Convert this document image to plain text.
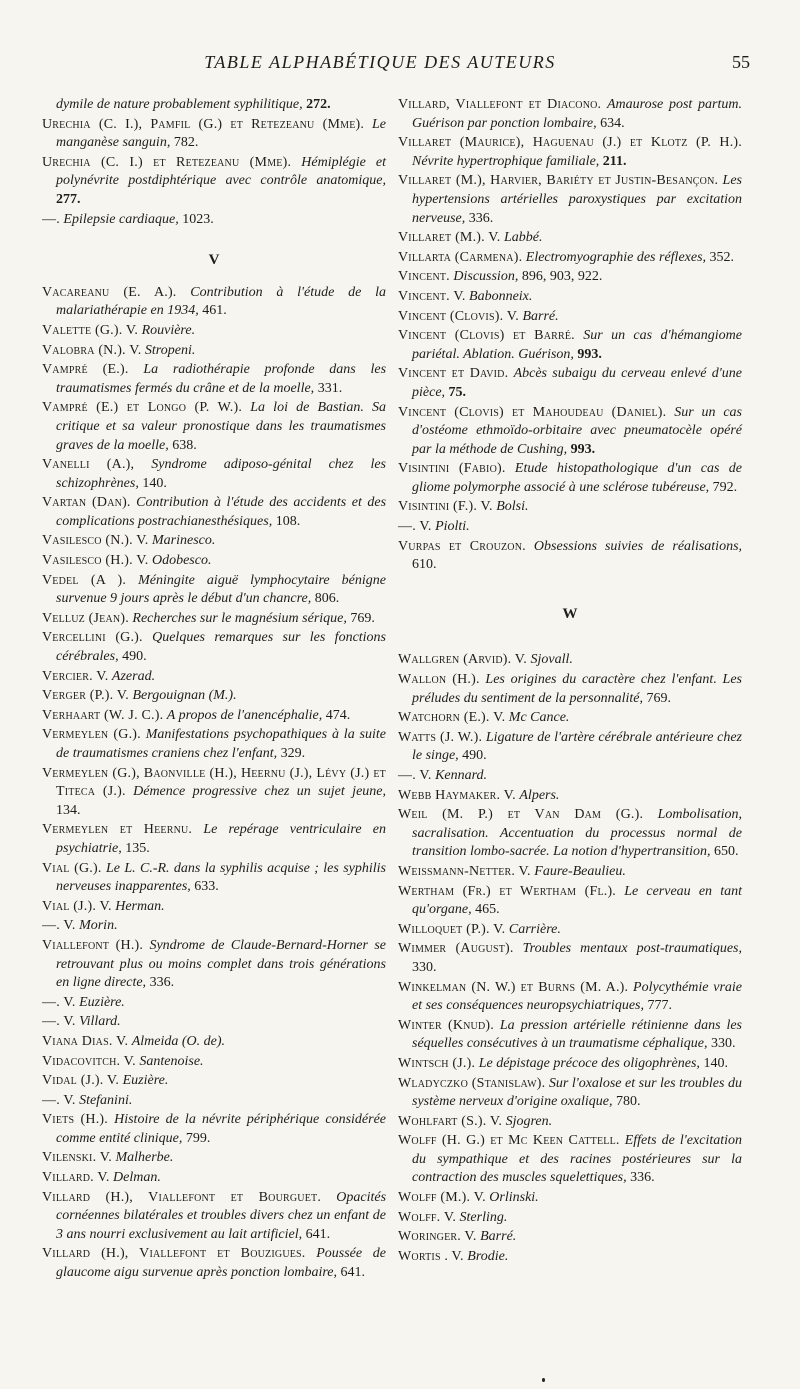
TABLE ALPHABÉTIQUE DES AUTEURS	55

dymile de nature probablement syphilitique, 272.

Urechia (C. I.), Pamfil (G.) et Retezeanu (Mme). Le manganèse sanguin, 782.

Urechia (C. I.) et Retezeanu (Mme). Hémiplégie et polynévrite postdiphtérique avec contrôle anatomique, 277.

—. Epilepsie cardiaque, 1023.

V

Vacareanu (E. A.). Contribution à l'étude de la malariathérapie en 1934, 461.

Valette (G.). V. Rouvière.

Valobra (N.). V. Stropeni.

Vampré (E.). La radiothérapie profonde dans les traumatismes fermés du crâne et de la moelle, 331.

Vampré (E.) et Longo (P. W.). La loi de Bastian. Sa critique et sa valeur pronostique dans les traumatismes graves de la moelle, 638.

Vanelli (A.), Syndrome adiposo-génital chez les schizophrènes, 140.

Vartan (Dan). Contribution à l'étude des accidents et des complications postrachianesthésiques, 108.

Vasilesco (N.). V. Marinesco.

Vasilesco (H.). V. Odobesco.

Vedel (A ). Méningite aiguë lymphocytaire bénigne survenue 9 jours après le début d'un chancre, 806.

Velluz (Jean). Recherches sur le magnésium sérique, 769.

Vercellini (G.). Quelques remarques sur les fonctions cérébrales, 490.

Vercier. V. Azerad.

Verger (P.). V. Bergouignan (M.).

Verhaart (W. J. C.). A propos de l'anencéphalie, 474.

Vermeylen (G.). Manifestations psychopathiques à la suite de traumatismes craniens chez l'enfant, 329.

Vermeylen (G.), Baonville (H.), Heernu (J.), Lévy (J.) et Titeca (J.). Démence progressive chez un sujet jeune, 134.

Vermeylen et Heernu. Le repérage ventriculaire en psychiatrie, 135.

Vial (G.). Le L. C.-R. dans la syphilis acquise ; les syphilis nerveuses inapparentes, 633.

Vial (J.). V. Herman.

—. V. Morin.

Viallefont (H.). Syndrome de Claude-Bernard-Horner se retrouvant plus ou moins complet dans trois générations en ligne directe, 336.

—. V. Euzière.

—. V. Villard.

Viana Dias. V. Almeida (O. de).

Vidacovitch. V. Santenoise.

Vidal (J.). V. Euzière.

—. V. Stefanini.

Viets (H.). Histoire de la névrite périphérique considérée comme entité clinique, 799.

Vilenski. V. Malherbe.

Villard. V. Delman.

Villard (H.), Viallefont et Bourguet. Opacités cornéennes bilatérales et troubles divers chez un enfant de 3 ans nourri exclusivement au lait artificiel, 641.

Villard (H.), Viallefont et Bouzigues. Poussée de glaucome aigu survenue après ponction lombaire, 641.

Villard, Viallefont et Diacono. Amaurose post partum. Guérison par ponction lombaire, 634.

Villaret (Maurice), Haguenau (J.) et Klotz (P. H.). Névrite hypertrophique familiale, 211.

Villaret (M.), Harvier, Bariéty et Justin-Besançon. Les hypertensions artérielles paroxystiques par excitation nerveuse, 336.

Villaret (M.). V. Labbé.

Villarta (Carmena). Electromyographie des réflexes, 352.

Vincent. Discussion, 896, 903, 922.

Vincent. V. Babonneix.

Vincent (Clovis). V. Barré.

Vincent (Clovis) et Barré. Sur un cas d'hémangiome pariétal. Ablation. Guérison, 993.

Vincent et David. Abcès subaigu du cerveau enlevé d'une pièce, 75.

Vincent (Clovis) et Mahoudeau (Daniel). Sur un cas d'ostéome ethmoïdo-orbitaire avec pneumatocèle opéré par la méthode de Cushing, 993.

Visintini (Fabio). Etude histopathologique d'un cas de gliome polymorphe associé à une sclérose tubéreuse, 792.

Visintini (F.). V. Bolsi.

—. V. Piolti.

Vurpas et Crouzon. Obsessions suivies de réalisations, 610.

W

Wallgren (Arvid). V. Sjovall.

Wallon (H.). Les origines du caractère chez l'enfant. Les préludes du sentiment de la personnalité, 769.

Watchorn (E.). V. Mc Cance.

Watts (J. W.). Ligature de l'artère cérébrale antérieure chez le singe, 490.

—. V. Kennard.

Webb Haymaker. V. Alpers.

Weil (M. P.) et Van Dam (G.). Lombolisation, sacralisation. Accentuation du processus normal de transition lombo-sacrée. La notion d'hypertransition, 650.

Weissmann-Netter. V. Faure-Beaulieu.

Wertham (Fr.) et Wertham (Fl.). Le cerveau en tant qu'organe, 465.

Willoquet (P.). V. Carrière.

Wimmer (August). Troubles mentaux post-traumatiques, 330.

Winkelman (N. W.) et Burns (M. A.). Polycythémie vraie et ses conséquences neuropsychiatriques, 777.

Winter (Knud). La pression artérielle rétinienne dans les séquelles consécutives à un traumatisme céphalique, 330.

Wintsch (J.). Le dépistage précoce des oligophrènes, 140.

Wladyczko (Stanislaw). Sur l'oxalose et sur les troubles du système nerveux d'origine oxalique, 780.

Wohlfart (S.). V. Sjogren.

Wolff (H. G.) et Mc Keen Cattell. Effets de l'excitation du sympathique et des racines postérieures sur la contraction des muscles squelettiques, 336.

Wolff (M.). V. Orlinski.

Wolff. V. Sterling.

Woringer. V. Barré.

Wortis . V. Brodie.
